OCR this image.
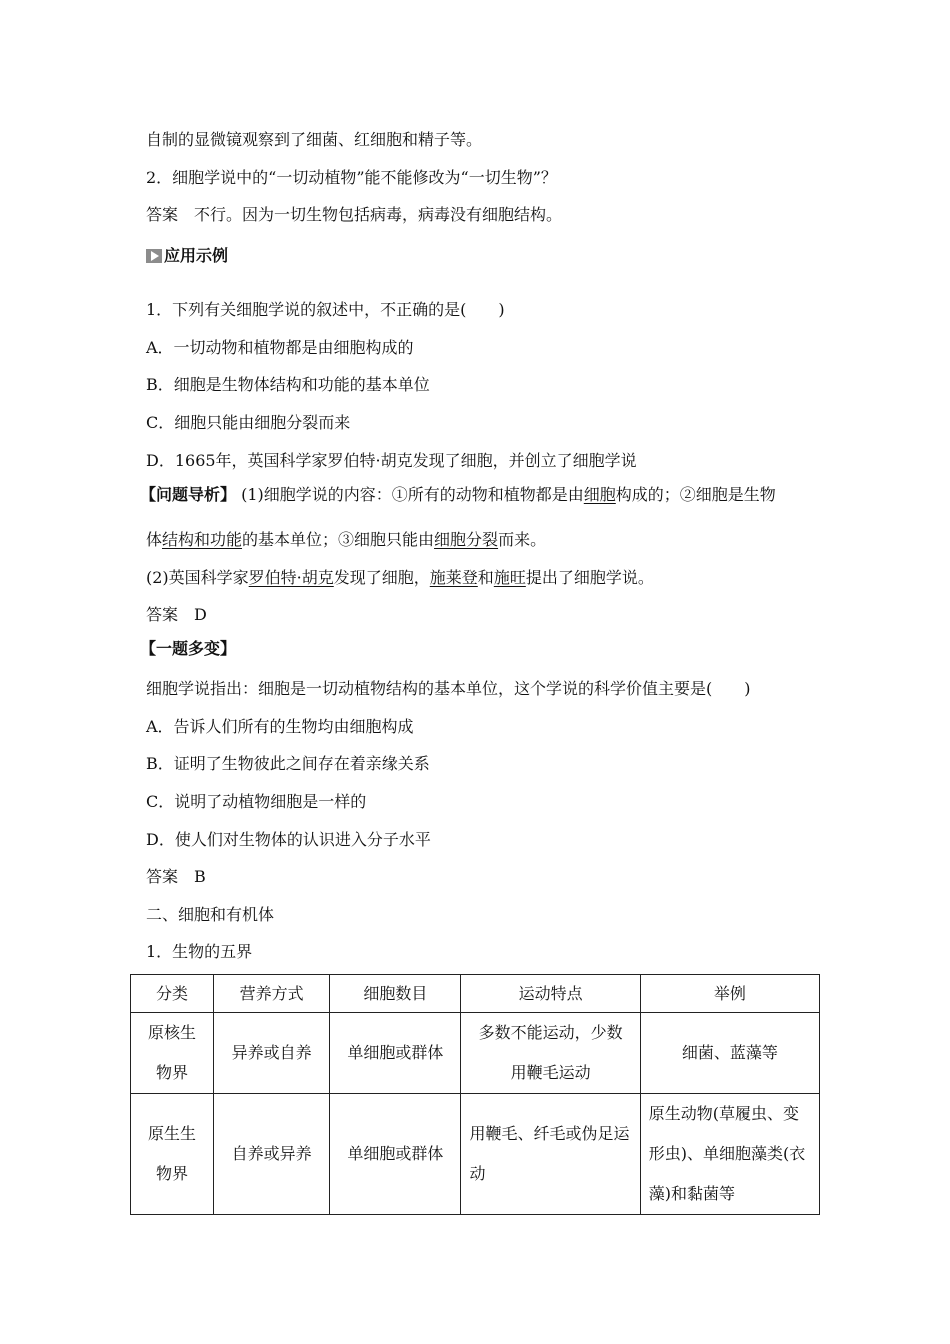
自制的显微镜观察到了细菌、红细胞和精子等。
2．细胞学说中的“一切动植物”能不能修改为“一切生物”？
答案　不行。因为一切生物包括病毒，病毒没有细胞结构。
应用示例
1．下列有关细胞学说的叙述中，不正确的是(　　)
A．一切动物和植物都是由细胞构成的
B．细胞是生物体结构和功能的基本单位
C．细胞只能由细胞分裂而来
D．1665年，英国科学家罗伯特·胡克发现了细胞，并创立了细胞学说
【问题导析】 (1)细胞学说的内容：①所有的动物和植物都是由细胞构成的；②细胞是生物
体结构和功能的基本单位；③细胞只能由细胞分裂而来。
(2)英国科学家罗伯特·胡克发现了细胞，施莱登和施旺提出了细胞学说。
答案　D
【一题多变】
细胞学说指出：细胞是一切动植物结构的基本单位，这个学说的科学价值主要是(　　)
A．告诉人们所有的生物均由细胞构成
B．证明了生物彼此之间存在着亲缘关系
C．说明了动植物细胞是一样的
D．使人们对生物体的认识进入分子水平
答案　B
二、细胞和有机体
1．生物的五界
分类	营养方式	细胞数目	运动特点	举例
原核生物界	异养或自养	单细胞或群体	多数不能运动，少数用鞭毛运动	细菌、蓝藻等
原生生物界	自养或异养	单细胞或群体	用鞭毛、纤毛或伪足运动	原生动物(草履虫、变形虫)、单细胞藻类(衣藻)和黏菌等
